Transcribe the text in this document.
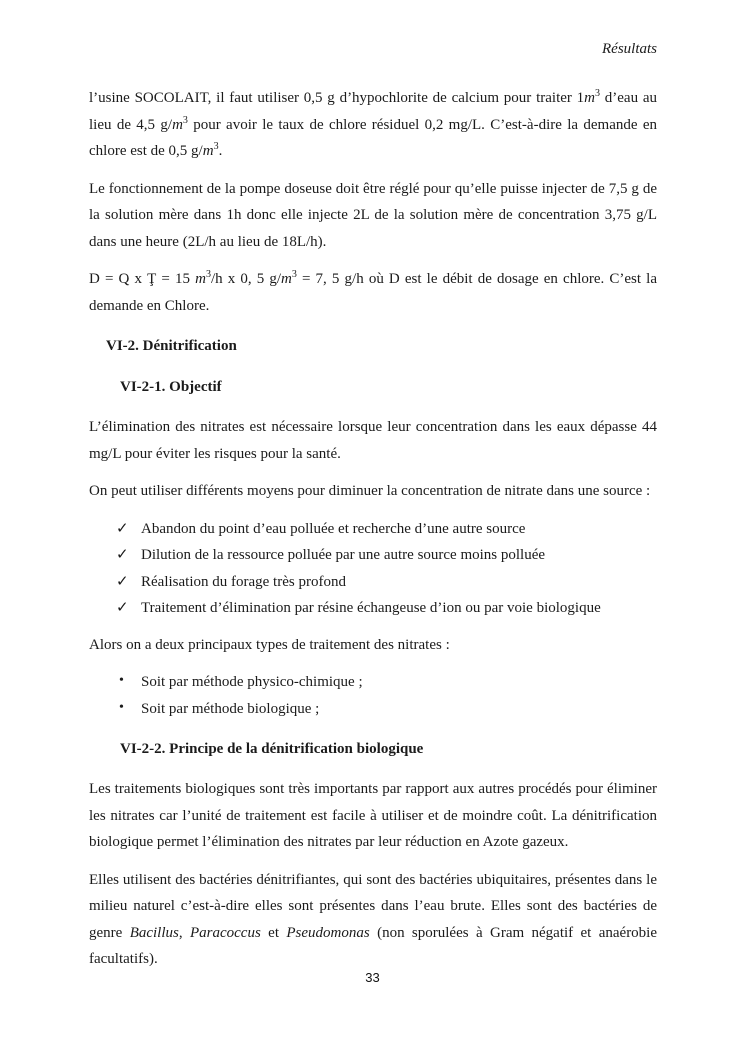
Résultats

l’usine SOCOLAIT, il faut utiliser 0,5 g d’hypochlorite de calcium pour traiter $1m^3$ d’eau au lieu de 4,5 $g/m^3$ pour avoir le taux de chlore résiduel 0,2 mg/L. C’est-à-dire la demande en chlore est de 0,5 $g/m^3$.

Le fonctionnement de la pompe doseuse doit être réglé pour qu’elle puisse injecter de 7,5 g de la solution mère dans 1h donc elle injecte 2L de la solution mère de concentration 3,75 g/L dans une heure (2L/h au lieu de 18L/h).

D = Q x Ţ = 15 $m^3/h$ x 0, 5 $g/m^3 = 7$, 5 g/h où D est le débit de dosage en chlore. C’est la demande en Chlore.

VI-2. Dénitrification
VI-2-1. Objectif

L’élimination des nitrates est nécessaire lorsque leur concentration dans les eaux dépasse 44 mg/L pour éviter les risques pour la santé.

On peut utiliser différents moyens pour diminuer la concentration de nitrate dans une source :

✓ Abandon du point d’eau polluée et recherche d’une autre source
✓ Dilution de la ressource polluée par une autre source moins polluée
✓ Réalisation du forage très profond
✓ Traitement d’élimination par résine échangeuse d’ion ou par voie biologique

Alors on a deux principaux types de traitement des nitrates :

• Soit par méthode physico-chimique ;
• Soit par méthode biologique ;
VI-2-2. Principe de la dénitrification biologique

Les traitements biologiques sont très importants par rapport aux autres procédés pour éliminer les nitrates car l’unité de traitement est facile à utiliser et de moindre coût. La dénitrification biologique permet l’élimination des nitrates par leur réduction en Azote gazeux.

Elles utilisent des bactéries dénitrifiantes, qui sont des bactéries ubiquitaires, présentes dans le milieu naturel c’est-à-dire elles sont présentes dans l’eau brute. Elles sont des bactéries de genre Bacillus, Paracoccus et Pseudomonas (non sporulées à Gram négatif et anaérobie facultatifs).

33
